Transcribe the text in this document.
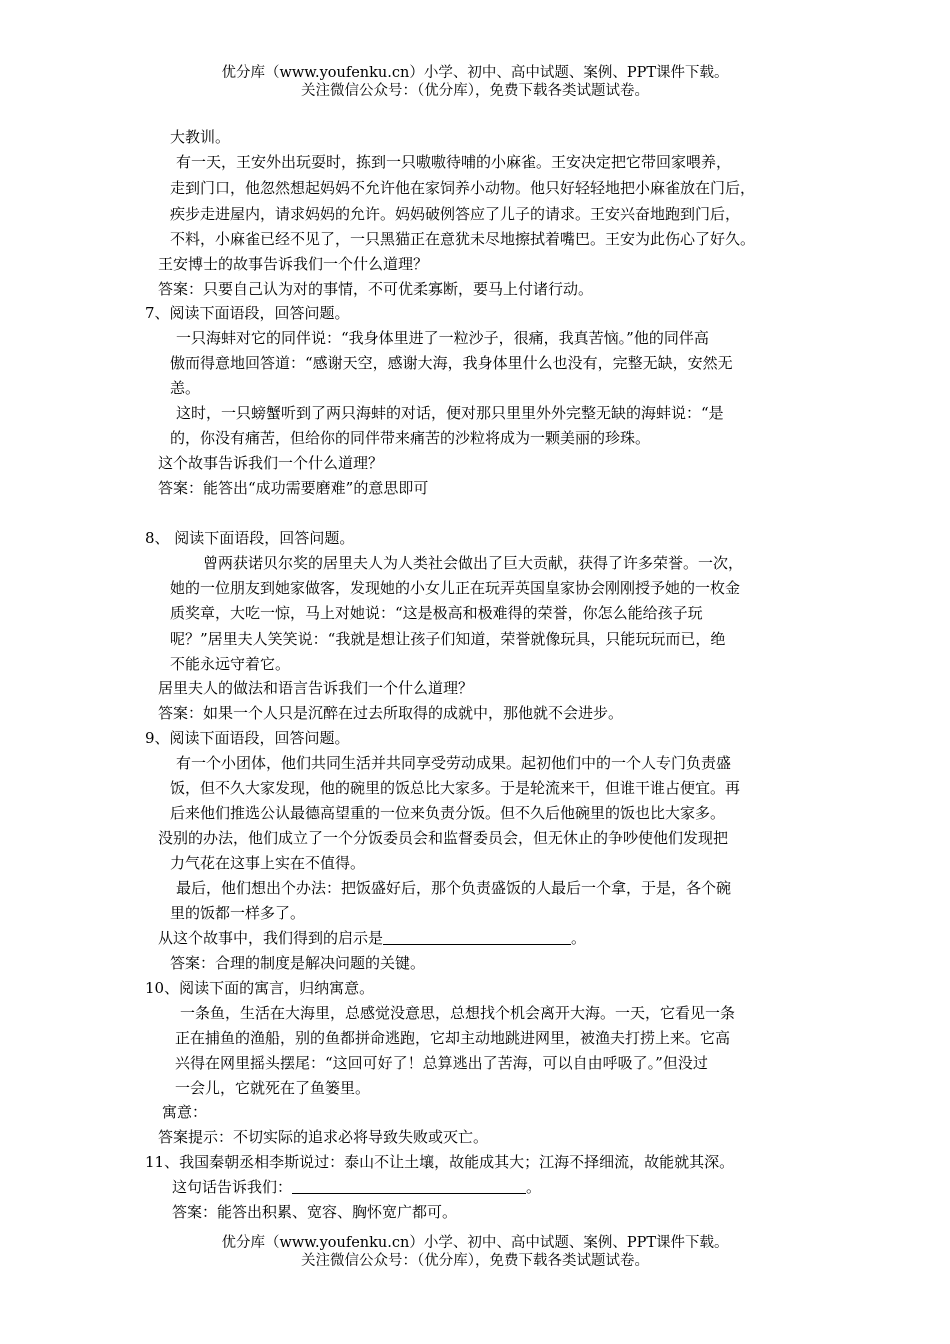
优分库（www.youfenku.cn）小学、初中、高中试题、案例、PPT课件下载。
关注微信公众号：（优分库），免费下载各类试题试卷。
大教训。
有一天，王安外出玩耍时，拣到一只嗷嗷待哺的小麻雀。王安决定把它带回家喂养，
走到门口，他忽然想起妈妈不允许他在家饲养小动物。他只好轻轻地把小麻雀放在门后，
疾步走进屋内，请求妈妈的允许。妈妈破例答应了儿子的请求。王安兴奋地跑到门后，
不料，小麻雀已经不见了，一只黑猫正在意犹未尽地擦拭着嘴巴。王安为此伤心了好久。
王安博士的故事告诉我们一个什么道理？
答案：只要自己认为对的事情，不可优柔寡断，要马上付诸行动。
7、阅读下面语段，回答问题。
一只海蚌对它的同伴说：“我身体里进了一粒沙子，很痛，我真苦恼。”他的同伴高
傲而得意地回答道：“感谢天空，感谢大海，我身体里什么也没有，完整无缺，安然无
恙。
这时，一只螃蟹听到了两只海蚌的对话，便对那只里里外外完整无缺的海蚌说：“是
的，你没有痛苦，但给你的同伴带来痛苦的沙粒将成为一颗美丽的珍珠。
这个故事告诉我们一个什么道理？
答案：能答出“成功需要磨难”的意思即可
8、 阅读下面语段，回答问题。
曾两获诺贝尔奖的居里夫人为人类社会做出了巨大贡献，获得了许多荣誉。一次，
她的一位朋友到她家做客，发现她的小女儿正在玩弄英国皇家协会刚刚授予她的一枚金
质奖章，大吃一惊，马上对她说：“这是极高和极难得的荣誉，你怎么能给孩子玩
呢？”居里夫人笑笑说：“我就是想让孩子们知道，荣誉就像玩具，只能玩玩而已，绝
不能永远守着它。
居里夫人的做法和语言告诉我们一个什么道理？
答案：如果一个人只是沉醉在过去所取得的成就中，那他就不会进步。
9、阅读下面语段，回答问题。
有一个小团体，他们共同生活并共同享受劳动成果。起初他们中的一个人专门负责盛
饭，但不久大家发现，他的碗里的饭总比大家多。于是轮流来干，但谁干谁占便宜。再
后来他们推选公认最德高望重的一位来负责分饭。但不久后他碗里的饭也比大家多。
没别的办法，他们成立了一个分饭委员会和监督委员会，但无休止的争吵使他们发现把
力气花在这事上实在不值得。
最后，他们想出个办法：把饭盛好后，那个负责盛饭的人最后一个拿，于是，各个碗
里的饭都一样多了。
从这个故事中，我们得到的启示是	。
答案：合理的制度是解决问题的关键。
10、阅读下面的寓言，归纳寓意。
一条鱼，生活在大海里，总感觉没意思，总想找个机会离开大海。一天，它看见一条
正在捕鱼的渔船，别的鱼都拼命逃跑，它却主动地跳进网里，被渔夫打捞上来。它高
兴得在网里摇头摆尾：“这回可好了！总算逃出了苦海，可以自由呼吸了。”但没过
一会儿，它就死在了鱼篓里。
寓意：
答案提示：不切实际的追求必将导致失败或灭亡。
11、我国秦朝丞相李斯说过：泰山不让土壤，故能成其大；江海不择细流，故能就其深。
这句话告诉我们：	。
答案：能答出积累、宽容、胸怀宽广都可。
优分库（www.youfenku.cn）小学、初中、高中试题、案例、PPT课件下载。
关注微信公众号：（优分库），免费下载各类试题试卷。
